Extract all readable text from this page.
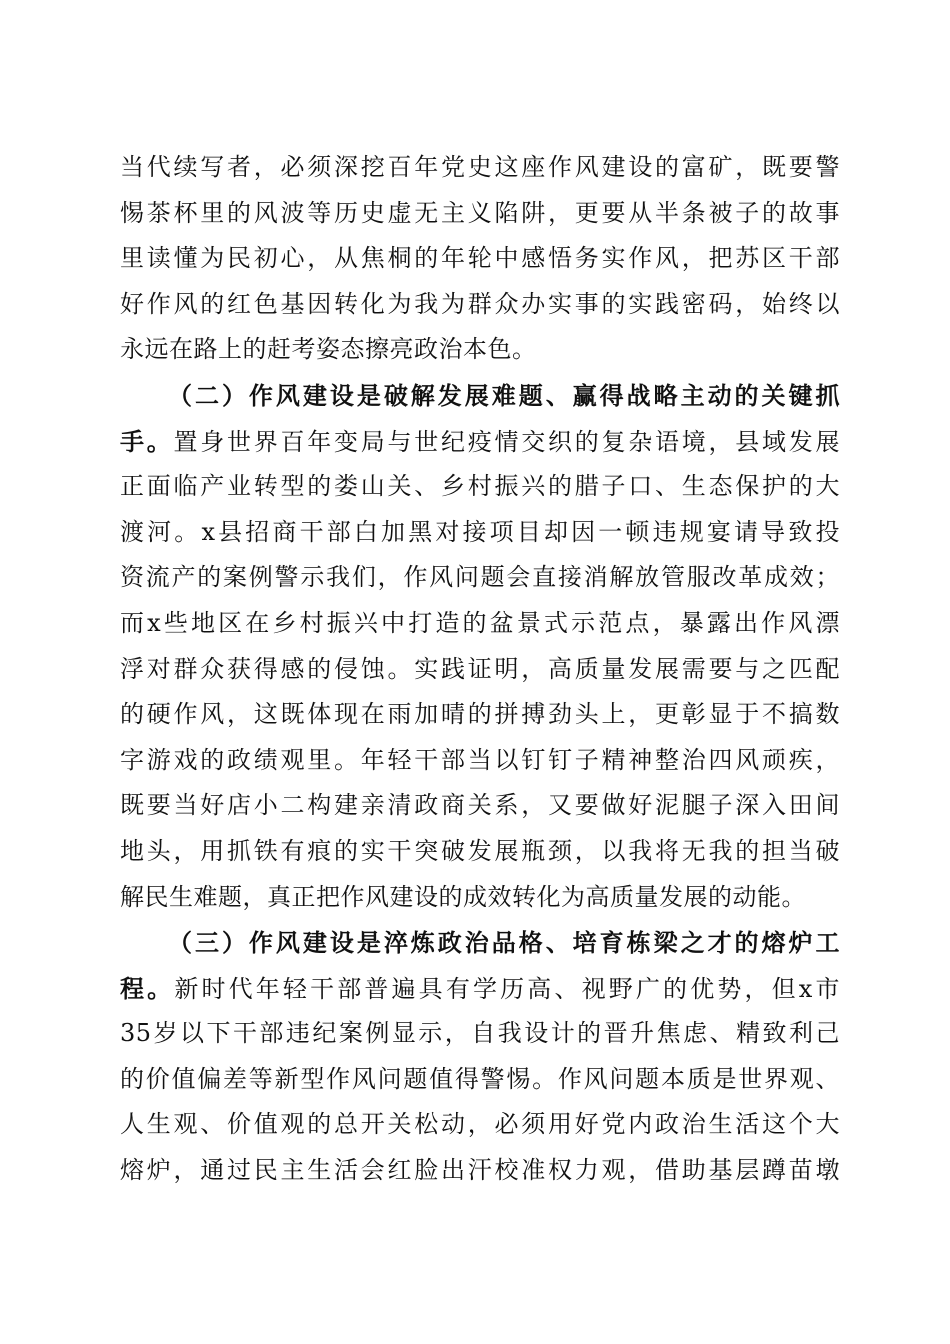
当代续写者，必须深挖百年党史这座作风建设的富矿，既要警
惕茶杯里的风波等历史虚无主义陷阱，更要从半条被子的故事
里读懂为民初心，从焦桐的年轮中感悟务实作风，把苏区干部
好作风的红色基因转化为我为群众办实事的实践密码，始终以
永远在路上的赶考姿态擦亮政治本色。
（二）作风建设是破解发展难题、赢得战略主动的关键抓
手。置身世界百年变局与世纪疫情交织的复杂语境，县域发展
正面临产业转型的娄山关、乡村振兴的腊子口、生态保护的大
渡河。x县招商干部白加黑对接项目却因一顿违规宴请导致投
资流产的案例警示我们，作风问题会直接消解放管服改革成效；
而x些地区在乡村振兴中打造的盆景式示范点，暴露出作风漂
浮对群众获得感的侵蚀。实践证明，高质量发展需要与之匹配
的硬作风，这既体现在雨加晴的拼搏劲头上，更彰显于不搞数
字游戏的政绩观里。年轻干部当以钉钉子精神整治四风顽疾，
既要当好店小二构建亲清政商关系，又要做好泥腿子深入田间
地头，用抓铁有痕的实干突破发展瓶颈，以我将无我的担当破
解民生难题，真正把作风建设的成效转化为高质量发展的动能。
（三）作风建设是淬炼政治品格、培育栋梁之才的熔炉工
程。新时代年轻干部普遍具有学历高、视野广的优势，但x市
35岁以下干部违纪案例显示，自我设计的晋升焦虑、精致利己
的价值偏差等新型作风问题值得警惕。作风问题本质是世界观、
人生观、价值观的总开关松动，必须用好党内政治生活这个大
熔炉，通过民主生活会红脸出汗校准权力观，借助基层蹲苗墩
